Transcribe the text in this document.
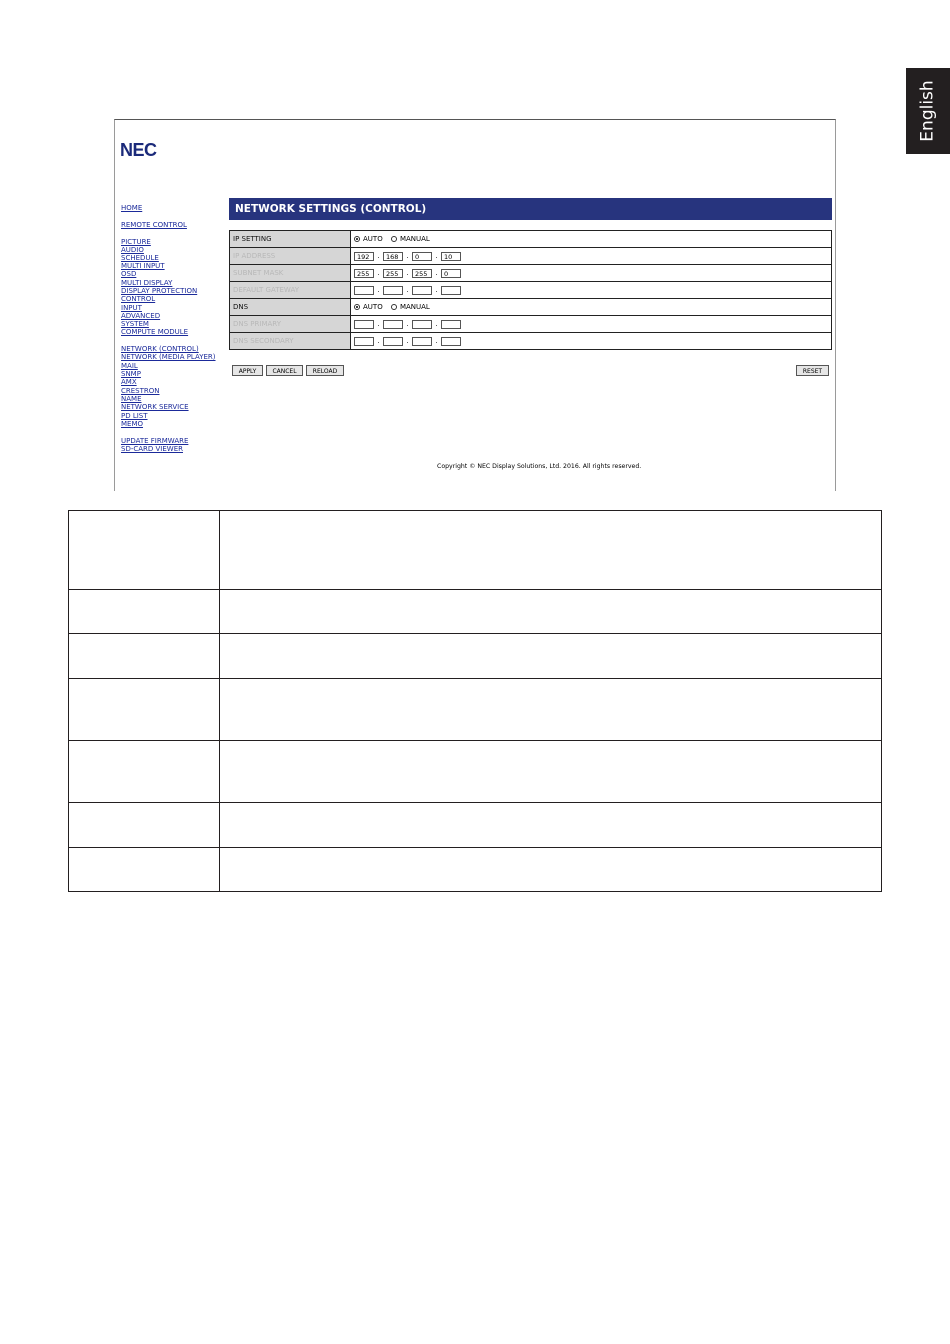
English
NEC
HOME
REMOTE CONTROL
PICTURE
AUDIO
SCHEDULE
MULTI INPUT
OSD
MULTI DISPLAY
DISPLAY PROTECTION
CONTROL
INPUT
ADVANCED
SYSTEM
COMPUTE MODULE
NETWORK (CONTROL)
NETWORK (MEDIA PLAYER)
MAIL
SNMP
AMX
CRESTRON
NAME
NETWORK SERVICE
PD LIST
MEMO
UPDATE FIRMWARE
SD-CARD VIEWER
NETWORK SETTINGS (CONTROL)
IP SETTING	AUTO MANUAL
IP ADDRESS	192 . 168 . 0 . 10
SUBNET MASK	255 . 255 . 255 . 0
DEFAULT GATEWAY	. . .
DNS	AUTO MANUAL
DNS PRIMARY	. . .
DNS SECONDARY	. . .
APPLY	CANCEL	RELOAD	RESET
Copyright © NEC Display Solutions, Ltd. 2016. All rights reserved.
